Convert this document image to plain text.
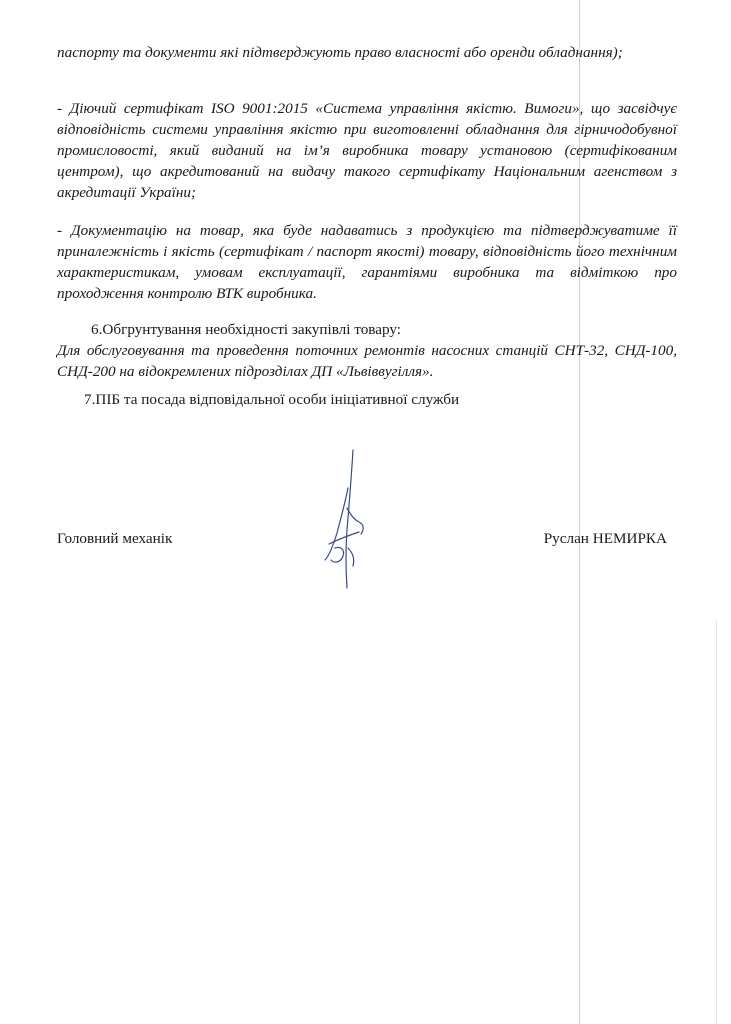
паспорту та документи які підтверджують право власності або оренди обладнання);

- Діючий сертифікат ISO 9001:2015 «Система управління якістю. Вимоги», що засвідчує відповідність системи управління якістю при виготовленні обладнання для гірничодобувної промисловості, який виданий на ім’я виробника товару установою (сертифікованим центром), що акредитований на видачу такого сертифікату Національним агенством з акредитації України;

- Документацію на товар, яка буде надаватись з продукцією та підтверджуватиме її приналежність і якість (сертифікат / паспорт якості) товару, відповідність його технічним характеристикам, умовам експлуатації, гарантіями виробника та відміткою про проходження контролю ВТК виробника.

6.Обгрунтування необхідності закупівлі товару:

Для обслуговування та проведення поточних ремонтів насосних станцій СНТ-32, СНД-100, СНД-200 на відокремлених підрозділах ДП «Львіввугілля».

7.ПІБ та посада відповідальної особи ініціативної служби

Головний механік	Руслан НЕМИРКА
